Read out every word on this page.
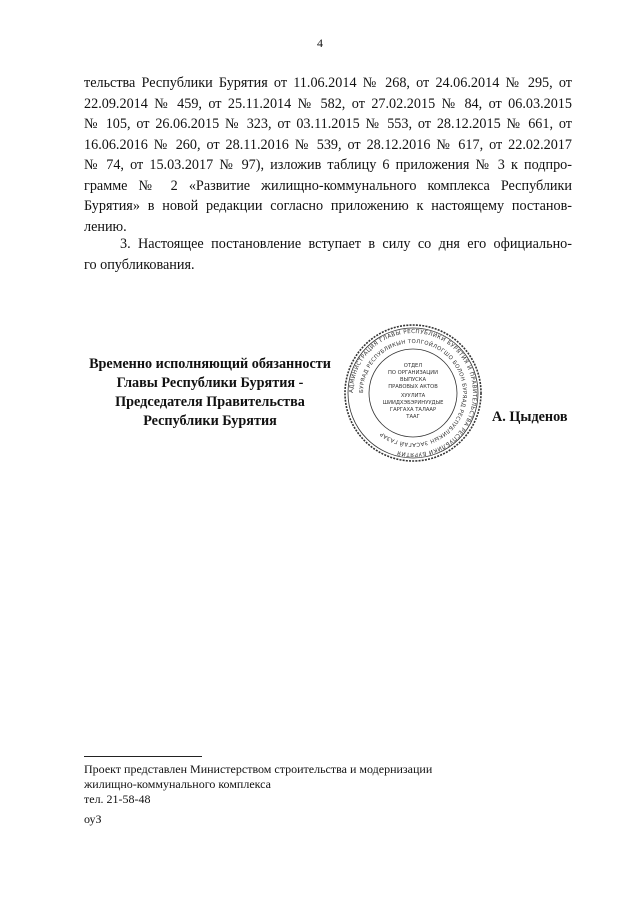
4
тельства Республики Бурятия от 11.06.2014 № 268, от 24.06.2014 № 295, от
22.09.2014 № 459, от 25.11.2014 № 582, от 27.02.2015 № 84, от 06.03.2015
№ 105, от 26.06.2015 № 323, от 03.11.2015 № 553, от 28.12.2015 № 661, от
16.06.2016 № 260, от 28.11.2016 № 539, от 28.12.2016 № 617, от 22.02.2017
№ 74, от 15.03.2017 № 97), изложив таблицу 6 приложения № 3 к подпро-
грамме № 2 «Развитие жилищно-коммунального комплекса Республики
Бурятия» в новой редакции согласно приложению к настоящему постанов-
лению.
3. Настоящее постановление вступает в силу со дня его официально-
го опубликования.
Временно исполняющий обязанности
Главы Республики Бурятия -
Председателя Правительства
Республики Бурятия
АДМИНИСТРАЦИЯ ГЛАВЫ РЕСПУБЛИКИ БУРЯТИЯ И ПРАВИТЕЛЬСТВА РЕСПУБЛИКИ БУРЯТИЯ
БУРЯАД РЕСПУБЛИКЫН ТОЛГОЙЛОГШО БОЛОН БУРЯАД РЕСПУБЛИКЫН ЗАСАГАЙ ГАЗАР
ОТДЕЛ
ПО ОРГАНИЗАЦИИ
ВЫПУСКА
ПРАВОВЫХ АКТОВ
ХУУЛИТА
ШИИДХЭБЭРИНУУДЫЕ
ГАРГАХА ТАЛААР
ТААГ	А. Цыденов
Проект представлен Министерством строительства и модернизации
жилищно-коммунального комплекса
тел. 21-58-48
оуЗ
